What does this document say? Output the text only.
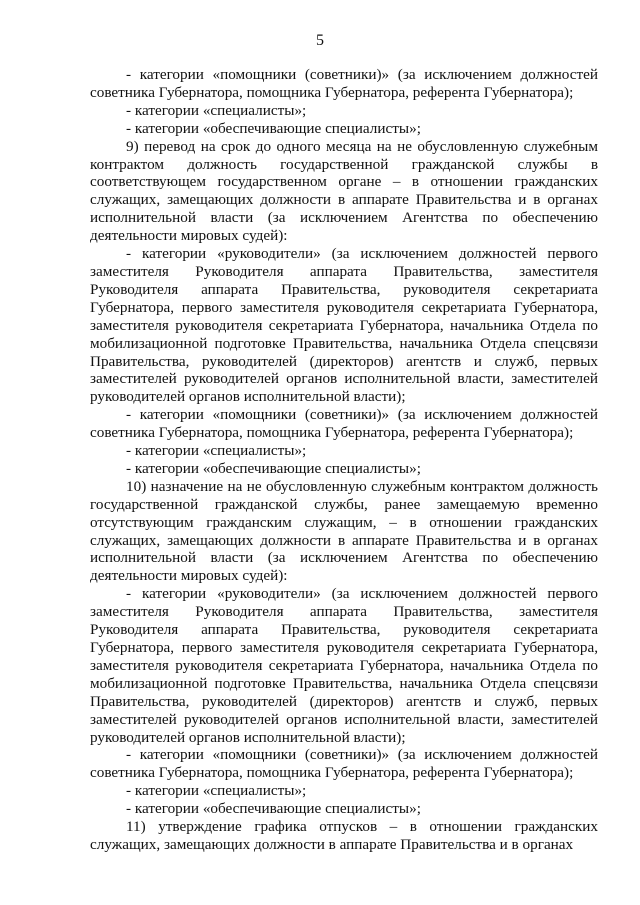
5

- категории «помощники (советники)» (за исключением должностей советника Губернатора, помощника Губернатора, референта Губернатора);

- категории «специалисты»;

- категории «обеспечивающие специалисты»;

9) перевод на срок до одного месяца на не обусловленную служебным контрактом должность государственной гражданской службы в соответствующем государственном органе – в отношении гражданских служащих, замещающих должности в аппарате Правительства и в органах исполнительной власти (за исключением Агентства по обеспечению деятельности мировых судей):

- категории «руководители» (за исключением должностей первого заместителя Руководителя аппарата Правительства, заместителя Руководителя аппарата Правительства, руководителя секретариата Губернатора, первого заместителя руководителя секретариата Губернатора, заместителя руководителя секретариата Губернатора, начальника Отдела по мобилизационной подготовке Правительства, начальника Отдела спецсвязи Правительства, руководителей (директоров) агентств и служб, первых заместителей руководителей органов исполнительной власти, заместителей руководителей органов исполнительной власти);

- категории «помощники (советники)» (за исключением должностей советника Губернатора, помощника Губернатора, референта Губернатора);

- категории «специалисты»;

- категории «обеспечивающие специалисты»;

10) назначение на не обусловленную служебным контрактом должность государственной гражданской службы, ранее замещаемую временно отсутствующим гражданским служащим, – в отношении гражданских служащих, замещающих должности в аппарате Правительства и в органах исполнительной власти (за исключением Агентства по обеспечению деятельности мировых судей):

- категории «руководители» (за исключением должностей первого заместителя Руководителя аппарата Правительства, заместителя Руководителя аппарата Правительства, руководителя секретариата Губернатора, первого заместителя руководителя секретариата Губернатора, заместителя руководителя секретариата Губернатора, начальника Отдела по мобилизационной подготовке Правительства, начальника Отдела спецсвязи Правительства, руководителей (директоров) агентств и служб, первых заместителей руководителей органов исполнительной власти, заместителей руководителей органов исполнительной власти);

- категории «помощники (советники)» (за исключением должностей советника Губернатора, помощника Губернатора, референта Губернатора);

- категории «специалисты»;

- категории «обеспечивающие специалисты»;

11) утверждение графика отпусков – в отношении гражданских служащих, замещающих должности в аппарате Правительства и в органах
